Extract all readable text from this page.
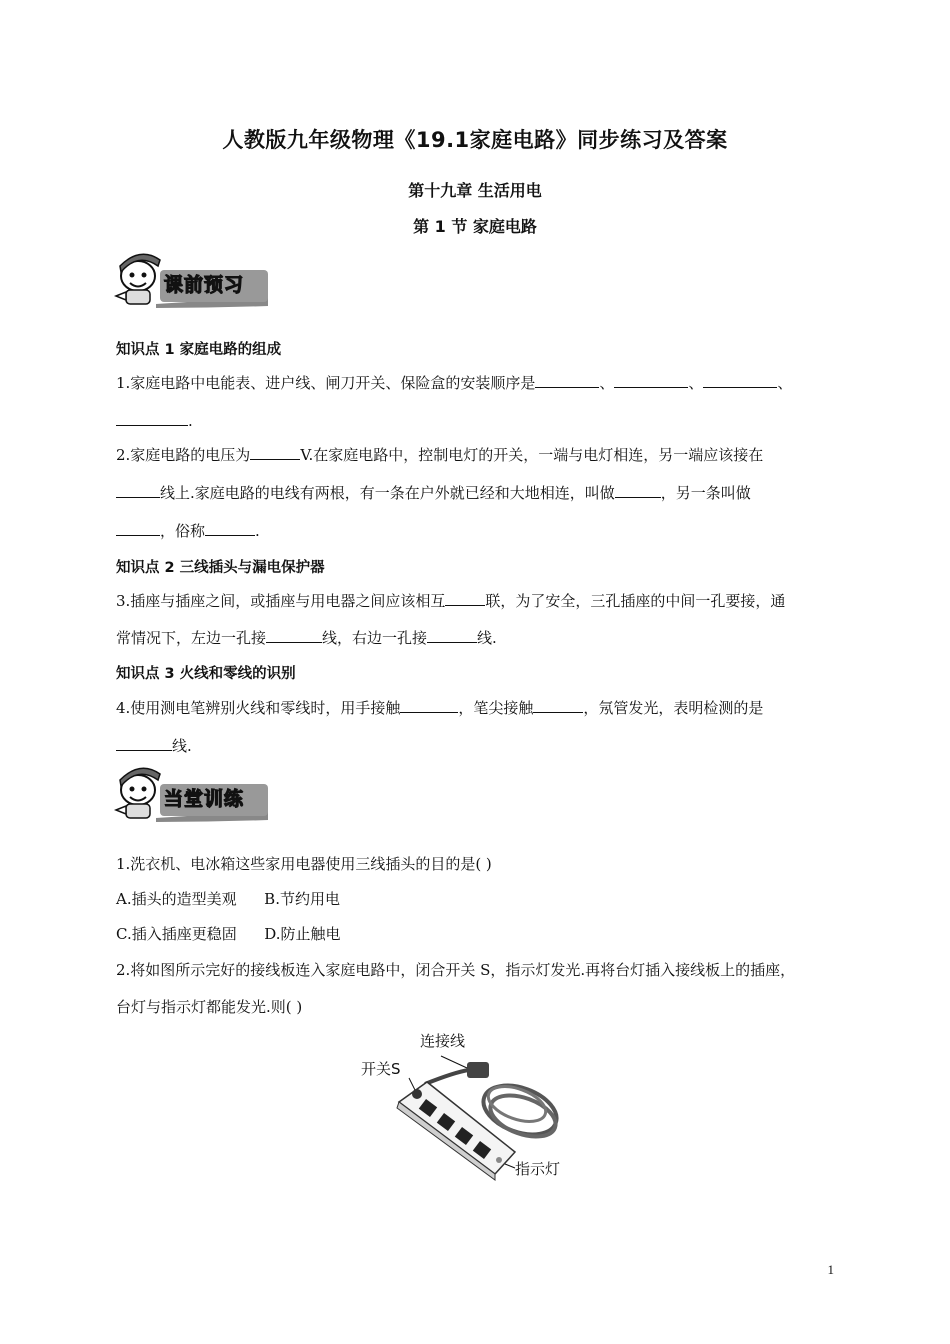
人教版九年级物理《19.1家庭电路》同步练习及答案
第十九章 生活用电
第 1 节 家庭电路
课前预习
知识点 1 家庭电路的组成
1.家庭电路中电能表、进户线、闸刀开关、保险盒的安装顺序是	、	、	、
.
2.家庭电路的电压为	V.在家庭电路中，控制电灯的开关，一端与电灯相连，另一端应该接在
线上.家庭电路的电线有两根，有一条在户外就已经和大地相连，叫做	，另一条叫做
，俗称	.
知识点 2 三线插头与漏电保护器
3.插座与插座之间，或插座与用电器之间应该相互	联，为了安全，三孔插座的中间一孔要接，通
常情况下，左边一孔接	线，右边一孔接	线.
知识点 3 火线和零线的识别
4.使用测电笔辨别火线和零线时，用手接触	，笔尖接触	，氖管发光，表明检测的是
线.
当堂训练
1.洗衣机、电冰箱这些家用电器使用三线插头的目的是( )
A.插头的造型美观 B.节约用电
C.插入插座更稳固 D.防止触电
2.将如图所示完好的接线板连入家庭电路中，闭合开关 S，指示灯发光.再将台灯插入接线板上的插座，
台灯与指示灯都能发光.则( )
连接线
开关S
指示灯
1
